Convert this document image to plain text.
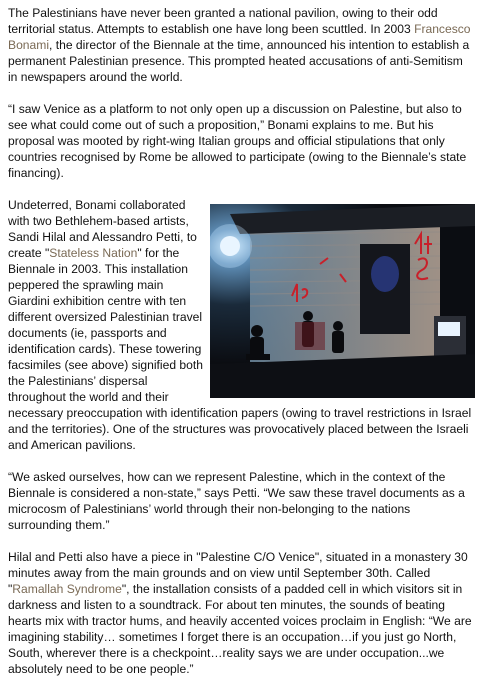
The Palestinians have never been granted a national pavilion, owing to their odd territorial status. Attempts to establish one have long been scuttled. In 2003 Francesco Bonami, the director of the Biennale at the time, announced his intention to establish a permanent Palestinian presence. This prompted heated accusations of anti-Semitism in newspapers around the world.

“I saw Venice as a platform to not only open up a discussion on Palestine, but also to see what could come out of such a proposition,” Bonami explains to me. But his proposal was mooted by right-wing Italian groups and official stipulations that only countries recognised by Rome be allowed to participate (owing to the Biennale’s state financing).

Undeterred, Bonami collaborated with two Bethlehem-based artists, Sandi Hilal and Alessandro Petti, to create "Stateless Nation" for the Biennale in 2003. This installation peppered the sprawling main Giardini exhibition centre with ten different oversized Palestinian travel documents (ie, passports and identification cards). These towering facsimiles (see above) signified both the Palestinians’ dispersal throughout the world and their necessary preoccupation with identification papers (owing to travel restrictions in Israel and the territories). One of the structures was provocatively placed between the Israeli and American pavilions.

“We asked ourselves, how can we represent Palestine, which in the context of the Biennale is considered a non-state,” says Petti. “We saw these travel documents as a microcosm of Palestinians’ world through their non-belonging to the nations surrounding them.”

Hilal and Petti also have a piece in "Palestine C/O Venice", situated in a monastery 30 minutes away from the main grounds and on view until September 30th. Called "Ramallah Syndrome", the installation consists of a padded cell in which visitors sit in darkness and listen to a soundtrack. For about ten minutes, the sounds of beating hearts mix with tractor hums, and heavily accented voices proclaim in English: “We are imagining stability… sometimes I forget there is an occupation…if you just go North, South, wherever there is a checkpoint…reality says we are under occupation...we absolutely need to be one people.”
